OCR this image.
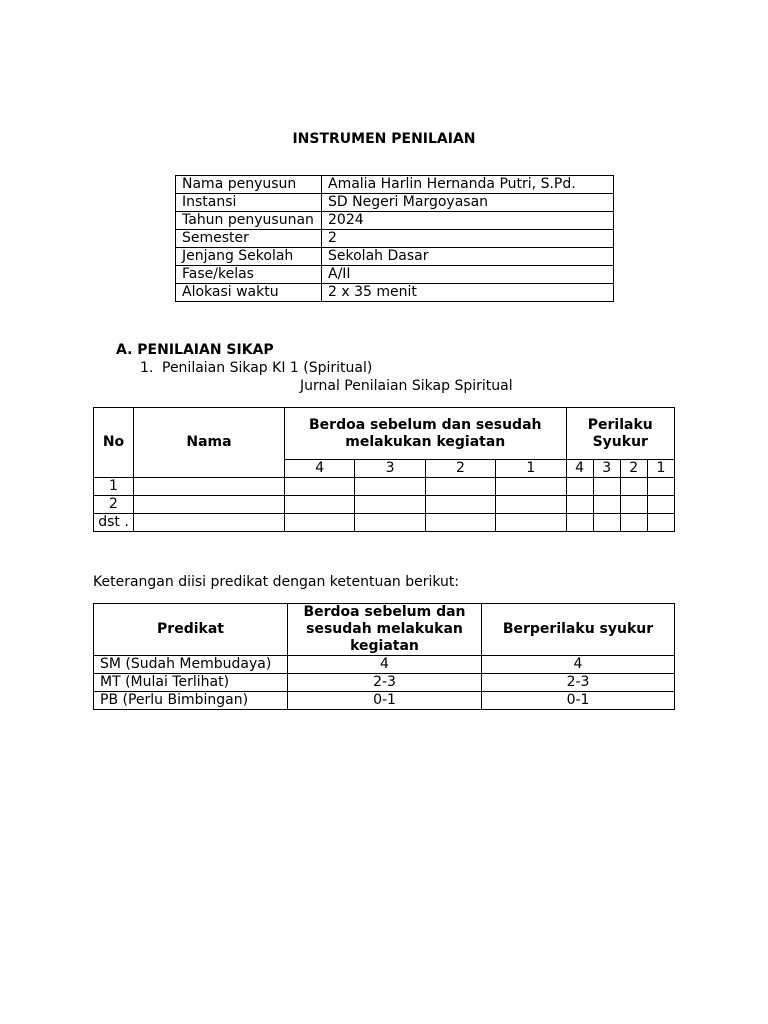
INSTRUMEN PENILAIAN
Nama penyusun	Amalia Harlin Hernanda Putri, S.Pd.
Instansi	SD Negeri Margoyasan
Tahun penyusunan	2024
Semester	2
Jenjang Sekolah	Sekolah Dasar
Fase/kelas	A/II
Alokasi waktu	2 x 35 menit
A. PENILAIAN SIKAP
1. Penilaian Sikap KI 1 (Spiritual)
Jurnal Penilaian Sikap Spiritual
No	Nama	Berdoa sebelum dan sesudah melakukan kegiatan				Perilaku Syukur			
		4	3	2	1	4	3	2	1
1									
2									
dst .									
Keterangan diisi predikat dengan ketentuan berikut:
Predikat	Berdoa sebelum dan sesudah melakukan kegiatan	Berperilaku syukur
SM (Sudah Membudaya)	4	4
MT (Mulai Terlihat)	2-3	2-3
PB (Perlu Bimbingan)	0-1	0-1
